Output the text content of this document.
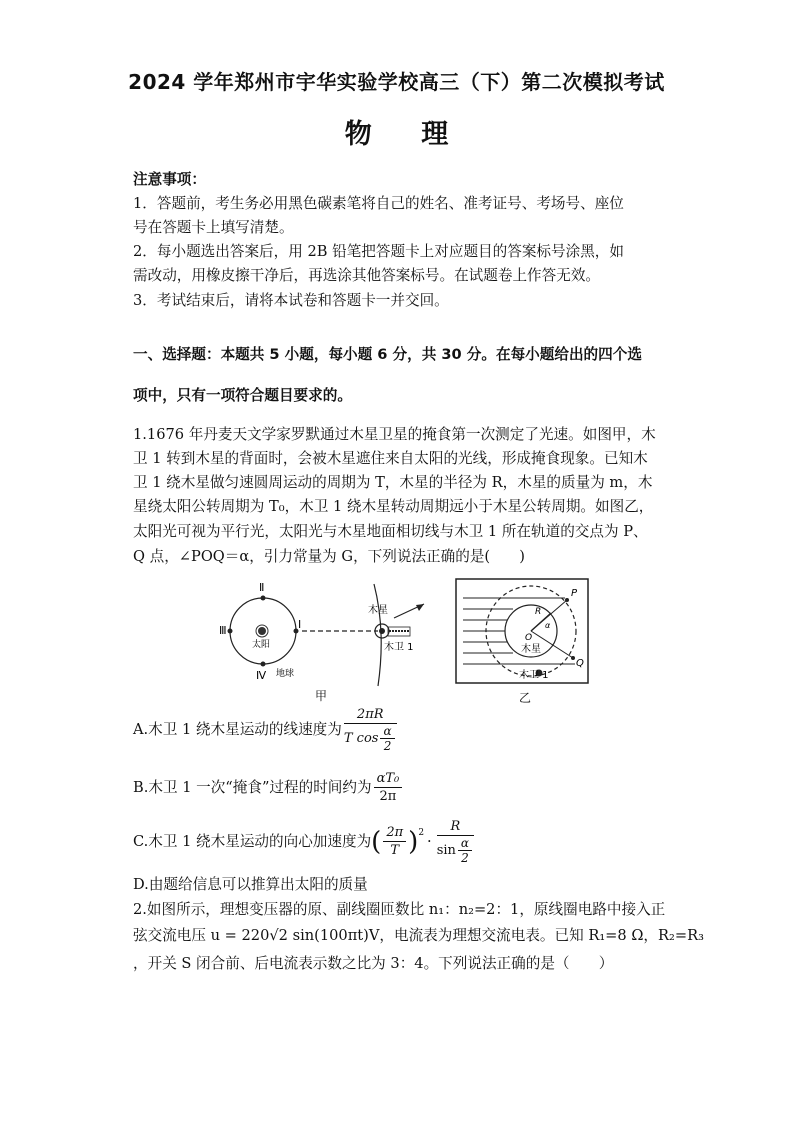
2024 学年郑州市宇华实验学校高三（下）第二次模拟考试
物 理
注意事项：
1．答题前，考生务必用黑色碳素笔将自己的姓名、准考证号、考场号、座位
号在答题卡上填写清楚。
2．每小题选出答案后，用 2B 铅笔把答题卡上对应题目的答案标号涂黑，如
需改动，用橡皮擦干净后，再选涂其他答案标号。在试题卷上作答无效。
3．考试结束后，请将本试卷和答题卡一并交回。
一、选择题：本题共 5 小题，每小题 6 分，共 30 分。在每小题给出的四个选
项中，只有一项符合题目要求的。
1.1676 年丹麦天文学家罗默通过木星卫星的掩食第一次测定了光速。如图甲，木
卫 1 转到木星的背面时，会被木星遮住来自太阳的光线，形成掩食现象。已知木
卫 1 绕木星做匀速圆周运动的周期为 T，木星的半径为 R，木星的质量为 m，木
星绕太阳公转周期为 T₀，木卫 1 绕木星转动周期远小于木星公转周期。如图乙，
太阳光可视为平行光，太阳光与木星地面相切线与木卫 1 所在轨道的交点为 P、
Q 点，∠POQ＝α，引力常量为 G，下列说法正确的是(　　)
Ⅱ
Ⅲ	Ⅰ
Ⅳ
太阳
地球
木星
木卫 1
甲
P
Q
O
R
α
木星
木卫 1
乙
A.木卫 1 绕木星运动的线速度为 $\frac{2\pi R}{T \cos \frac{\alpha}{2}}$
B.木卫 1 一次“掩食”过程的时间约为 $\frac{\text{αT₀}}{2\pi}$
C.木卫 1 绕木星运动的向心加速度为 ( $\frac{2\pi}{T}$ ) $2 \cdot \frac{R}{\sin \frac{\alpha}{2}}$
D.由题给信息可以推算出太阳的质量
2.如图所示，理想变压器的原、副线圈匝数比 n₁：n₂=2：1，原线圈电路中接入正
弦交流电压 u = 220√2 sin(100πt)V，电流表为理想交流电表。已知 R₁=8 Ω，R₂=R₃
，开关 S 闭合前、后电流表示数之比为 3：4。下列说法正确的是（　　）
